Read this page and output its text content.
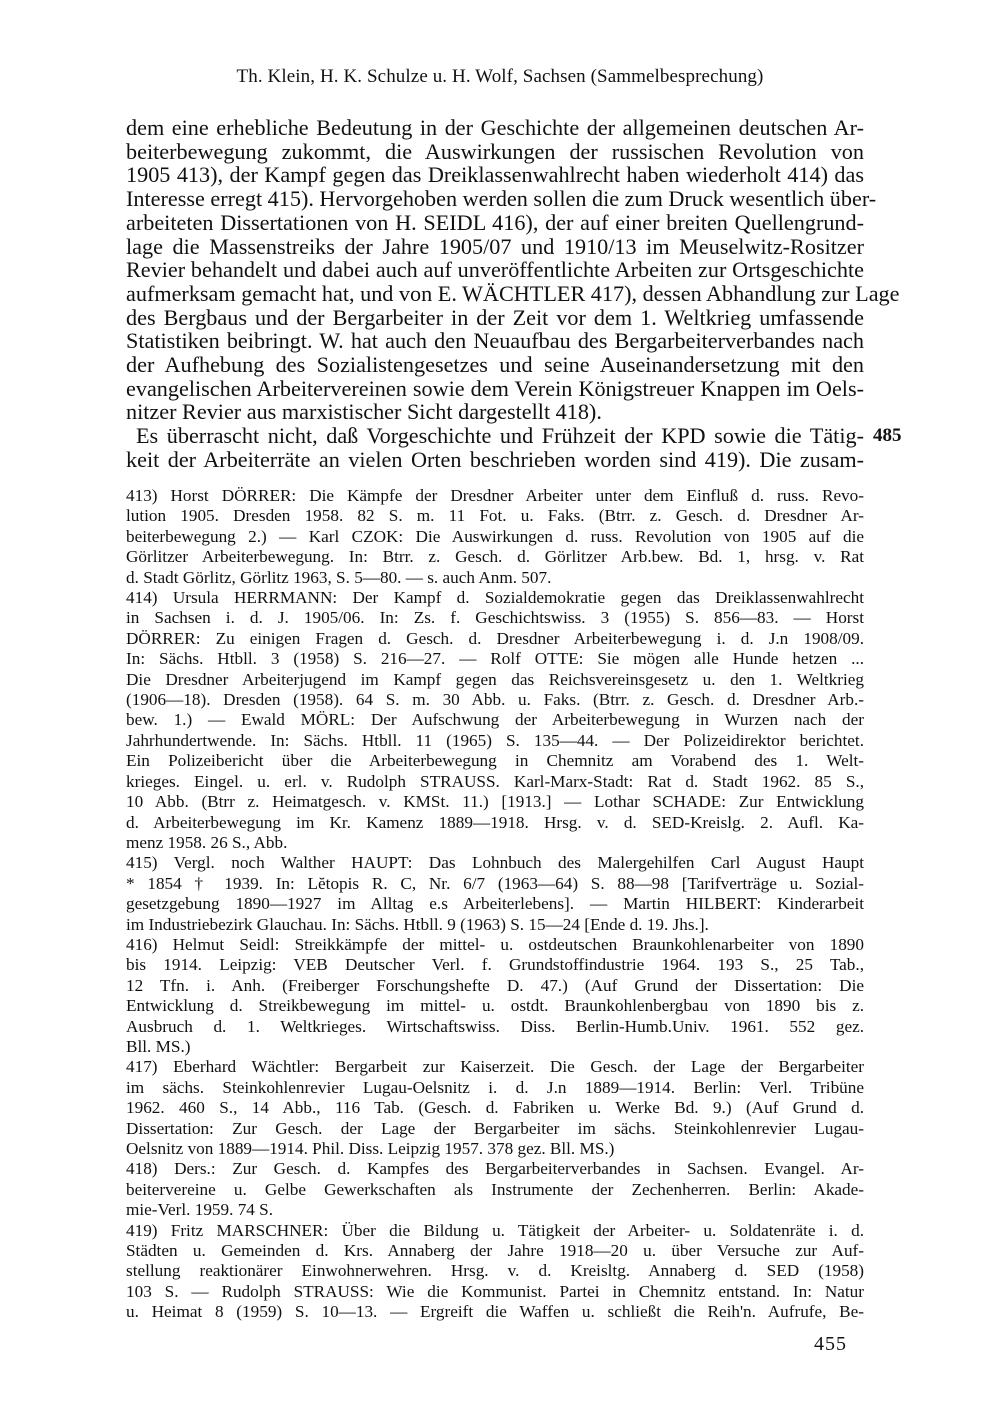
Th. Klein, H. K. Schulze u. H. Wolf, Sachsen (Sammelbesprechung)
dem eine erhebliche Bedeutung in der Geschichte der allgemeinen deutschen Ar-
beiterbewegung zukommt, die Auswirkungen der russischen Revolution von
1905 413), der Kampf gegen das Dreiklassenwahlrecht haben wiederholt 414) das
Interesse erregt 415). Hervorgehoben werden sollen die zum Druck wesentlich über-
arbeiteten Dissertationen von H. SEIDL 416), der auf einer breiten Quellengrund-
lage die Massenstreiks der Jahre 1905/07 und 1910/13 im Meuselwitz-Rositzer
Revier behandelt und dabei auch auf unveröffentlichte Arbeiten zur Ortsgeschichte
aufmerksam gemacht hat, und von E. WÄCHTLER 417), dessen Abhandlung zur Lage
des Bergbaus und der Bergarbeiter in der Zeit vor dem 1. Weltkrieg umfassende
Statistiken beibringt. W. hat auch den Neuaufbau des Bergarbeiterverbandes nach
der Aufhebung des Sozialistengesetzes und seine Auseinandersetzung mit den
evangelischen Arbeitervereinen sowie dem Verein Königstreuer Knappen im Oels-
nitzer Revier aus marxistischer Sicht dargestellt 418).
Es überrascht nicht, daß Vorgeschichte und Frühzeit der KPD sowie die Tätig-
keit der Arbeiterräte an vielen Orten beschrieben worden sind 419). Die zusam-
485
413) Horst DÖRRER: Die Kämpfe der Dresdner Arbeiter unter dem Einfluß d. russ. Revo-
lution 1905. Dresden 1958. 82 S. m. 11 Fot. u. Faks. (Btrr. z. Gesch. d. Dresdner Ar-
beiterbewegung 2.) — Karl CZOK: Die Auswirkungen d. russ. Revolution von 1905 auf die
Görlitzer Arbeiterbewegung. In: Btrr. z. Gesch. d. Görlitzer Arb.bew. Bd. 1, hrsg. v. Rat
d. Stadt Görlitz, Görlitz 1963, S. 5—80. — s. auch Anm. 507.
414) Ursula HERRMANN: Der Kampf d. Sozialdemokratie gegen das Dreiklassenwahlrecht
in Sachsen i. d. J. 1905/06. In: Zs. f. Geschichtswiss. 3 (1955) S. 856—83. — Horst
DÖRRER: Zu einigen Fragen d. Gesch. d. Dresdner Arbeiterbewegung i. d. J.n 1908/09.
In: Sächs. Htbll. 3 (1958) S. 216—27. — Rolf OTTE: Sie mögen alle Hunde hetzen ...
Die Dresdner Arbeiterjugend im Kampf gegen das Reichsvereinsgesetz u. den 1. Weltkrieg
(1906—18). Dresden (1958). 64 S. m. 30 Abb. u. Faks. (Btrr. z. Gesch. d. Dresdner Arb.-
bew. 1.) — Ewald MÖRL: Der Aufschwung der Arbeiterbewegung in Wurzen nach der
Jahrhundertwende. In: Sächs. Htbll. 11 (1965) S. 135—44. — Der Polizeidirektor berichtet.
Ein Polizeibericht über die Arbeiterbewegung in Chemnitz am Vorabend des 1. Welt-
krieges. Eingel. u. erl. v. Rudolph STRAUSS. Karl-Marx-Stadt: Rat d. Stadt 1962. 85 S.,
10 Abb. (Btrr z. Heimatgesch. v. KMSt. 11.) [1913.] — Lothar SCHADE: Zur Entwicklung
d. Arbeiterbewegung im Kr. Kamenz 1889—1918. Hrsg. v. d. SED-Kreislg. 2. Aufl. Ka-
menz 1958. 26 S., Abb.
415) Vergl. noch Walther HAUPT: Das Lohnbuch des Malergehilfen Carl August Haupt
* 1854 † 1939. In: Lĕtopis R. C, Nr. 6/7 (1963—64) S. 88—98 [Tarifverträge u. Sozial-
gesetzgebung 1890—1927 im Alltag e.s Arbeiterlebens]. — Martin HILBERT: Kinderarbeit
im Industriebezirk Glauchau. In: Sächs. Htbll. 9 (1963) S. 15—24 [Ende d. 19. Jhs.].
416) Helmut Seidl: Streikkämpfe der mittel- u. ostdeutschen Braunkohlenarbeiter von 1890
bis 1914. Leipzig: VEB Deutscher Verl. f. Grundstoffindustrie 1964. 193 S., 25 Tab.,
12 Tfn. i. Anh. (Freiberger Forschungshefte D. 47.) (Auf Grund der Dissertation: Die
Entwicklung d. Streikbewegung im mittel- u. ostdt. Braunkohlenbergbau von 1890 bis z.
Ausbruch d. 1. Weltkrieges. Wirtschaftswiss. Diss. Berlin-Humb.Univ. 1961. 552 gez.
Bll. MS.)
417) Eberhard Wächtler: Bergarbeit zur Kaiserzeit. Die Gesch. der Lage der Bergarbeiter
im sächs. Steinkohlenrevier Lugau-Oelsnitz i. d. J.n 1889—1914. Berlin: Verl. Tribüne
1962. 460 S., 14 Abb., 116 Tab. (Gesch. d. Fabriken u. Werke Bd. 9.) (Auf Grund d.
Dissertation: Zur Gesch. der Lage der Bergarbeiter im sächs. Steinkohlenrevier Lugau-
Oelsnitz von 1889—1914. Phil. Diss. Leipzig 1957. 378 gez. Bll. MS.)
418) Ders.: Zur Gesch. d. Kampfes des Bergarbeiterverbandes in Sachsen. Evangel. Ar-
beitervereine u. Gelbe Gewerkschaften als Instrumente der Zechenherren. Berlin: Akade-
mie-Verl. 1959. 74 S.
419) Fritz MARSCHNER: Über die Bildung u. Tätigkeit der Arbeiter- u. Soldatenräte i. d.
Städten u. Gemeinden d. Krs. Annaberg der Jahre 1918—20 u. über Versuche zur Auf-
stellung reaktionärer Einwohnerwehren. Hrsg. v. d. Kreisltg. Annaberg d. SED (1958)
103 S. — Rudolph STRAUSS: Wie die Kommunist. Partei in Chemnitz entstand. In: Natur
u. Heimat 8 (1959) S. 10—13. — Ergreift die Waffen u. schließt die Reih'n. Aufrufe, Be-
455
